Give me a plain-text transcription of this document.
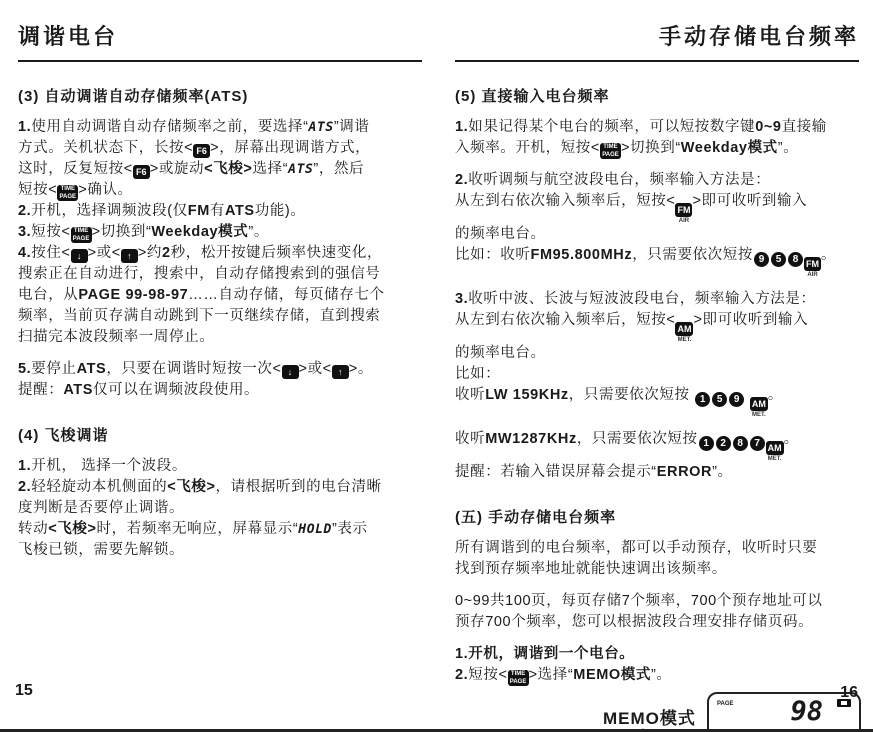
调谐电台
(3) 自动调谐自动存储频率(ATS)
1.使用自动调谐自动存储频率之前，要选择“ATS”调谐
方式。关机状态下，长按< F6 >，屏幕出现调谐方式，
这时，反复短按< F6 >或旋动<飞梭>选择“ATS”，然后
短按< TIME
PAGE >确认。
2.开机，选择调频波段(仅FM有ATS功能)。
3.短按< TIME
PAGE >切换到“Weekday模式”。
4.按住< ↓ >或< ↑ >约2秒，松开按键后频率快速变化，
搜索正在自动进行，搜索中，自动存储搜索到的强信号
电台，从PAGE 99-98-97……自动存储，每页储存七个
频率，当前页存满自动跳到下一页继续存储，直到搜索
扫描完本波段频率一周停止。
5.要停止ATS，只要在调谐时短按一次< ↓ >或< ↑ >。
提醒：ATS仅可以在调频波段使用。
(4) 飞梭调谐
1.开机， 选择一个波段。
2.轻轻旋动本机侧面的<飞梭>，请根据听到的电台清晰
度判断是否要停止调谐。
转动<飞梭>时，若频率无响应，屏幕显示“HOLD”表示
飞梭已锁，需要先解锁。
手动存储电台频率
(5) 直接输入电台频率
1.如果记得某个电台的频率，可以短按数字键0~9直接输
入频率。开机，短按< TIME
PAGE >切换到“Weekday模式”。
2.收听调频与航空波段电台，频率输入方法是：
从左到右依次输入频率后，短按<
FM
AIR
>即可收听到输入
的频率电台。
比如：收听FM95.800MHz，只需要依次短按 9 5 8 FM
AIR
。
3.收听中波、长波与短波波段电台，频率输入方法是：
从左到右依次输入频率后，短按<
AM
MET.
>即可收听到输入
的频率电台。
比如：
收听LW 159KHz，只需要依次短按 1 5 9 AM
MET.
。
收听MW1287KHz，只需要依次短按 1 2 8 7 AM
MET.
。
提醒：若输入错误屏幕会提示“ERROR”。
(五) 手动存储电台频率
所有调谐到的电台频率，都可以手动预存，收听时只要
找到预存频率地址就能快速调出该频率。
0~99共100页，每页存储7个频率，700个预存地址可以
预存700个频率，您可以根据波段合理安排存储页码。
1.开机，调谐到一个电台。
2.短按< TIME
PAGE >选择“MEMO模式”。
MEMO模式
PAGE 98
15	16
